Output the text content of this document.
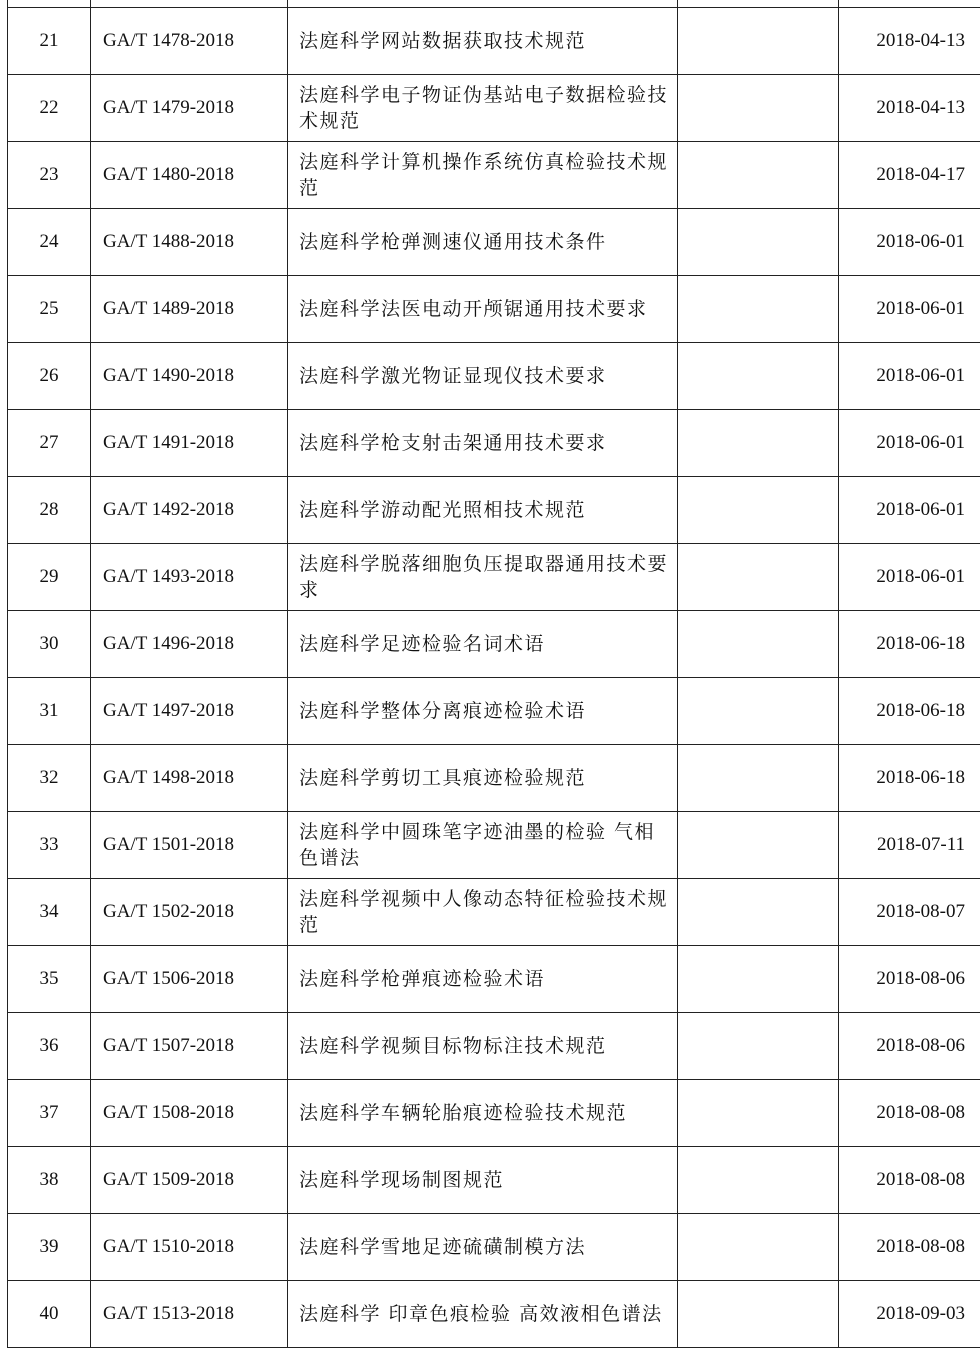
21	GA/T 1478-2018	法庭科学网站数据获取技术规范		2018-04-13
22	GA/T 1479-2018	法庭科学电子物证伪基站电子数据检验技术规范		2018-04-13
23	GA/T 1480-2018	法庭科学计算机操作系统仿真检验技术规范		2018-04-17
24	GA/T 1488-2018	法庭科学枪弹测速仪通用技术条件		2018-06-01
25	GA/T 1489-2018	法庭科学法医电动开颅锯通用技术要求		2018-06-01
26	GA/T 1490-2018	法庭科学激光物证显现仪技术要求		2018-06-01
27	GA/T 1491-2018	法庭科学枪支射击架通用技术要求		2018-06-01
28	GA/T 1492-2018	法庭科学游动配光照相技术规范		2018-06-01
29	GA/T 1493-2018	法庭科学脱落细胞负压提取器通用技术要求		2018-06-01
30	GA/T 1496-2018	法庭科学足迹检验名词术语		2018-06-18
31	GA/T 1497-2018	法庭科学整体分离痕迹检验术语		2018-06-18
32	GA/T 1498-2018	法庭科学剪切工具痕迹检验规范		2018-06-18
33	GA/T 1501-2018	法庭科学中圆珠笔字迹油墨的检验 气相色谱法		2018-07-11
34	GA/T 1502-2018	法庭科学视频中人像动态特征检验技术规范		2018-08-07
35	GA/T 1506-2018	法庭科学枪弹痕迹检验术语		2018-08-06
36	GA/T 1507-2018	法庭科学视频目标物标注技术规范		2018-08-06
37	GA/T 1508-2018	法庭科学车辆轮胎痕迹检验技术规范		2018-08-08
38	GA/T 1509-2018	法庭科学现场制图规范		2018-08-08
39	GA/T 1510-2018	法庭科学雪地足迹硫磺制模方法		2018-08-08
40	GA/T 1513-2018	法庭科学 印章色痕检验 高效液相色谱法		2018-09-03
